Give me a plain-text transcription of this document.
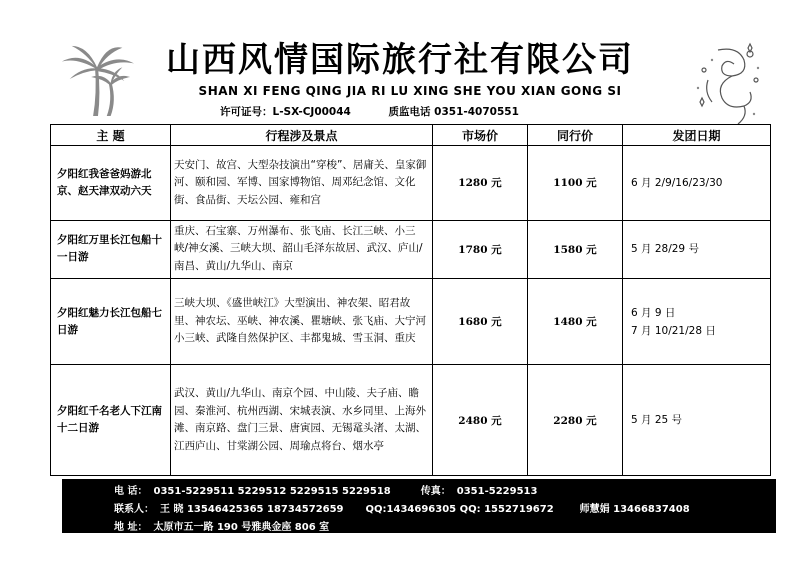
山西风情国际旅行社有限公司
SHAN XI FENG QING JIA RI LU XING SHE YOU XIAN GONG SI
许可证号：L-SX-CJ00044	质监电话 0351-4070551
主 题	行程涉及景点	市场价	同行价	发团日期
夕阳红我爸爸妈游北京、赵天津双动六天	天安门、故宫、大型杂技演出“穿梭”、居庸关、皇家御河、颐和园、军博、国家博物馆、周邓纪念馆、文化街、食品街、天坛公园、雍和宫	1280 元	1100 元	6 月 2/9/16/23/30
夕阳红万里长江包船十一日游	重庆、石宝寨、万州瀑布、张飞庙、长江三峡、小三峡/神女溪、三峡大坝、韶山毛泽东故居、武汉、庐山/南昌、黄山/九华山、南京	1780 元	1580 元	5 月 28/29 号
夕阳红魅力长江包船七日游	三峡大坝、《盛世峡江》大型演出、神农架、昭君故里、神农坛、巫峡、神农溪、瞿塘峡、张飞庙、大宁河小三峡、武隆自然保护区、丰都鬼城、雪玉洞、重庆	1680 元	1480 元	6 月 9 日
7 月 10/21/28 日
夕阳红千名老人下江南十二日游	武汉、黄山/九华山、南京个园、中山陵、夫子庙、瞻园、秦淮河、杭州西湖、宋城表演、水乡同里、上海外滩、南京路、盘门三景、唐寅园、无锡鼋头渚、太湖、江西庐山、甘棠湖公园、周瑜点将台、烟水亭	2480 元	2280 元	5 月 25 号
电 话： 0351-5229511 5229512 5229515 5229518	传真： 0351-5229513
联系人： 王 晓 13546425365 18734572659 QQ:1434696305 QQ: 1552719672	师慧娟 13466837408
地 址： 太原市五一路 190 号雅典金座 806 室
